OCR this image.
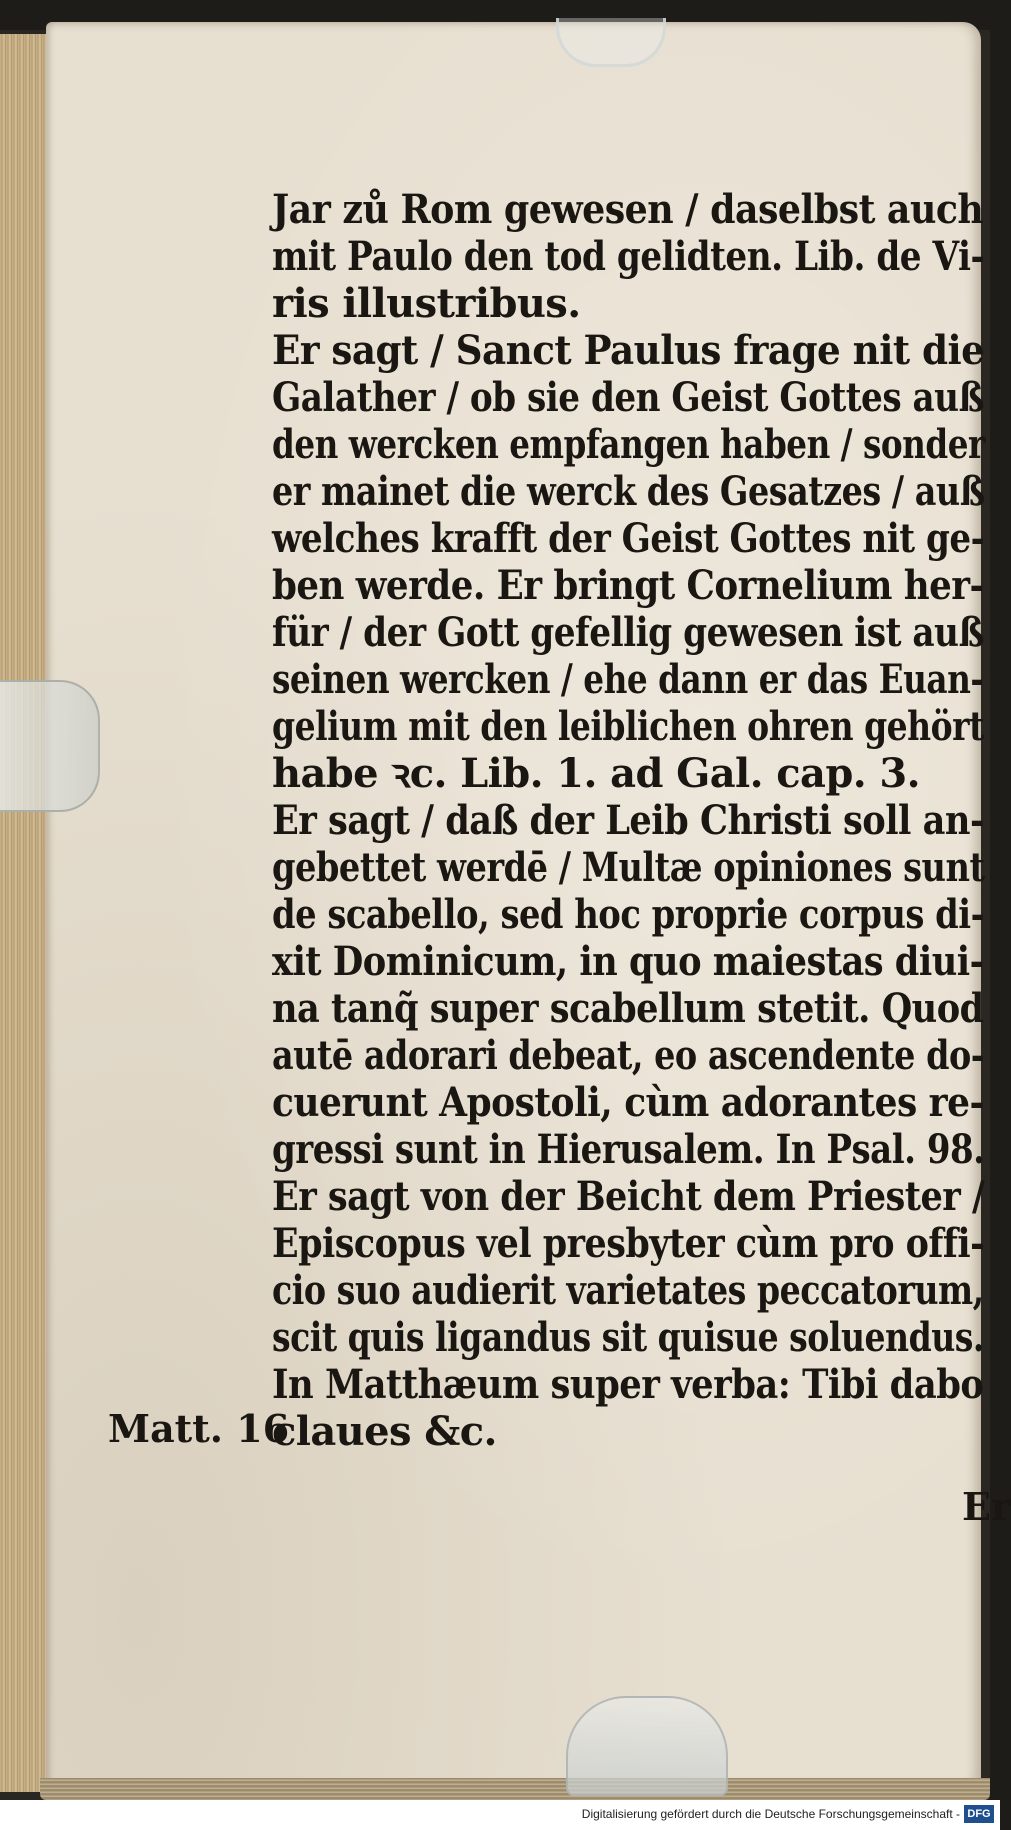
Jar zů Rom gewesen / daselbst auch
mit Paulo den tod gelidten. Lib. de Vi-
ris illustribus.
Er sagt / Sanct Paulus frage nit die
Galather / ob sie den Geist Gottes auß
den wercken empfangen haben / sonder
er mainet die werck des Gesatzes / auß
welches krafft der Geist Gottes nit ge-
ben werde. Er bringt Cornelium her-
für / der Gott gefellig gewesen ist auß
seinen wercken / ehe dann er das Euan-
gelium mit den leiblichen ohren gehört
habe ꝛc. Lib. 1. ad Gal. cap. 3.
Er sagt / daß der Leib Christi soll an-
gebettet werdē / Multæ opiniones sunt
de scabello, sed hoc proprie corpus di-
xit Dominicum, in quo maiestas diui-
na tanq̃ super scabellum stetit. Quod
autē adorari debeat, eo ascendente do-
cuerunt Apostoli, cùm adorantes re-
gressi sunt in Hierusalem. In Psal. 98.
Er sagt von der Beicht dem Priester /
Episcopus vel presbyter cùm pro offi-
cio suo audierit varietates peccatorum,
scit quis ligandus sit quisue soluendus.
In Matthæum super verba: Tibi dabo
claues &c.
Matt. 16
Er
Digitalisierung gefördert durch die Deutsche Forschungsgemeinschaft - DFG
